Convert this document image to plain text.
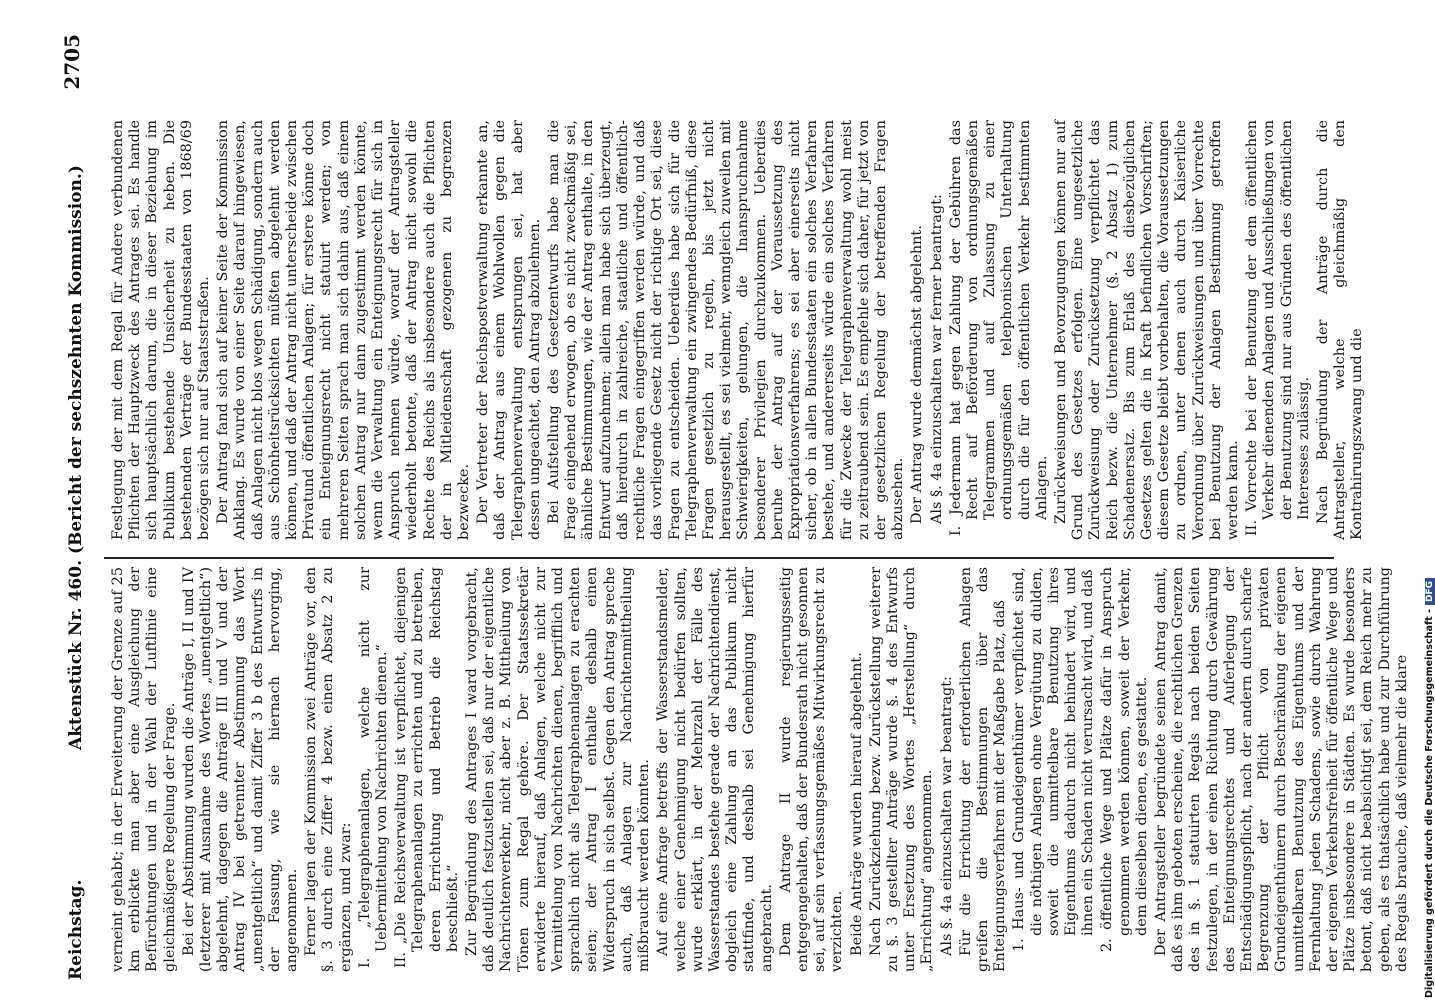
Reichstag.
Aktenstück Nr. 460. (Bericht der sechszehnten Kommission.)
2705

verneint gehabt; in der Erweiterung der Grenze auf 25 km erblickte man aber eine Ausgleichung der Befürchtungen und in der Wahl der Luftlinie eine gleichmäßigere Regelung der Frage. Bei der Abstimmung wurden die Anträge I, II und IV (letzterer mit Ausnahme des Wortes „unentgeltlich“) abgelehnt, dagegen die Anträge III und V und der Antrag IV bei getrennter Abstimmung das Wort „unentgeltlich“ und damit Ziffer 3 b des Entwurfs in der Fassung, wie sie hiernach hervorging, angenommen. Ferner lagen der Kommission zwei Anträge vor, den §. 3 durch eine Ziffer 4 bezw. einen Absatz 2 zu ergänzen, und zwar: I. „Telegraphenanlagen, welche nicht zur Uebermittelung von Nachrichten dienen.“ II. „Die Reichsverwaltung ist verpflichtet, diejenigen Telegraphenanlagen zu errichten und zu betreiben, deren Errichtung und Betrieb die Reichstag beschließt.“ Zur Begründung des Antrages I ward vorgebracht, daß deutlich festzustellen sei, daß nur der eigentliche Nachrichtenverkehr, nicht aber z. B. Mittheilung von Tönen zum Regal gehöre. Der Staatssekretär erwiderte hierauf, daß Anlagen, welche nicht zur Vermittelung von Nachrichten dienen, begrifflich und sprachlich nicht als Telegraphenanlagen zu erachten seien; der Antrag I enthalte deshalb einen Widerspruch in sich selbst. Gegen den Antrag spreche auch, daß Anlagen zur Nachrichtenmittheilung mißbraucht werden könnten. Auf eine Anfrage betreffs der Wasserstandsmelder, welche einer Genehmigung nicht bedürfen sollten, wurde erklärt, in der Mehrzahl der Fälle des Wasserstandes bestehe gerade der Nachrichtendienst, obgleich eine Zahlung an das Publikum nicht stattfinde, und deshalb sei Genehmigung hierfür angebracht. Dem Antrage II wurde regierungsseitig entgegengehalten, daß der Bundesrath nicht gesonnen sei, auf sein verfassungsgemäßes Mitwirkungsrecht zu verzichten. Beide Anträge wurden hierauf abgelehnt. Nach Zurückziehung bezw. Zurückstellung weiterer zu §. 3 gestellter Anträge wurde §. 4 des Entwurfs unter Ersetzung des Wortes „Herstellung“ durch „Errichtung“ angenommen. Als §. 4a einzuschalten war beantragt: Für die Errichtung der erforderlichen Anlagen greifen die Bestimmungen über das Enteignungsverfahren mit der Maßgabe Platz, daß 1. Haus- und Grundeigenthümer verpflichtet sind, die nöthigen Anlagen ohne Vergütung zu dulden, soweit die unmittelbare Benutzung ihres Eigenthums dadurch nicht behindert wird, und ihnen ein Schaden nicht verursacht wird, und daß 2. öffentliche Wege und Plätze dafür in Anspruch genommen werden können, soweit der Verkehr, dem dieselben dienen, es gestattet. Der Antragsteller begründete seinen Antrag damit, daß es ihm geboten erscheine, die rechtlichen Grenzen des in §. 1 statuirten Regals nach beiden Seiten festzulegen, in der einen Richtung durch Gewährung des Enteignungsrechtes und Auferlegung der Entschädigungspflicht, nach der andern durch scharfe Begrenzung der Pflicht von privaten Grundeigenthümern durch Beschränkung der eigenen unmittelbaren Benutzung des Eigenthums und der Fernhaltung jeden Schadens, sowie durch Wahrung der eigenen Verkehrsfreiheit für öffentliche Wege und Plätze insbesondere in Städten. Es wurde besonders betont, daß nicht beabsichtigt sei, dem Reich mehr zu geben, als es thatsächlich habe und zur Durchführung des Regals brauche, daß vielmehr die klare

Festlegung der mit dem Regal für Andere verbundenen Pflichten der Hauptzweck des Antrages sei. Es handle sich hauptsächlich darum, die in dieser Beziehung im Publikum bestehende Unsicherheit zu heben. Die bestehenden Verträge der Bundesstaaten von 1868/69 bezögen sich nur auf Staatsstraßen. Der Antrag fand sich auf keiner Seite der Kommission Anklang. Es wurde von einer Seite darauf hingewiesen, daß Anlagen nicht blos wegen Schädigung, sondern auch aus Schönheitsrücksichten müßten abgelehnt werden können, und daß der Antrag nicht unterscheide zwischen Privatund öffentlichen Anlagen; für erstere könne doch ein Enteignungsrecht nicht statuirt werden; von mehreren Seiten sprach man sich dahin aus, daß einem solchen Antrag nur dann zugestimmt werden könnte, wenn die Verwaltung ein Enteignungsrecht für sich in Anspruch nehmen würde, worauf der Antragsteller wiederholt betonte, daß der Antrag nicht sowohl die Rechte des Reichs als insbesondere auch die Pflichten der in Mitleidenschaft gezogenen zu begrenzen bezwecke. Der Vertreter der Reichspostverwaltung erkannte an, daß der Antrag aus einem Wohlwollen gegen die Telegraphenverwaltung entsprungen sei, hat aber dessen ungeachtet, den Antrag abzulehnen. Bei Aufstellung des Gesetzentwurfs habe man die Frage eingehend erwogen, ob es nicht zweckmäßig sei, ähnliche Bestimmungen, wie der Antrag enthalte, in den Entwurf aufzunehmen; allein man habe sich überzeugt, daß hierdurch in zahlreiche, staatliche und öffentlich-rechtliche Fragen eingegriffen werden würde, und daß das vorliegende Gesetz nicht der richtige Ort sei, diese Fragen zu entscheiden. Ueberdies habe sich für die Telegraphenverwaltung ein zwingendes Bedürfniß, diese Fragen gesetzlich zu regeln, bis jetzt nicht herausgestellt, es sei vielmehr, wenngleich zuweilen mit Schwierigkeiten, gelungen, die Inanspruchnahme besonderer Privilegien durchzukommen. Ueberdies beruhe der Antrag auf der Voraussetzung des Expropriationsverfahrens; es sei aber einerseits nicht sicher, ob in allen Bundesstaaten ein solches Verfahren bestehe, und andererseits würde ein solches Verfahren für die Zwecke der Telegraphenverwaltung wohl meist zu zeitraubend sein. Es empfehle sich daher, für jetzt von der gesetzlichen Regelung der betreffenden Fragen abzusehen. Der Antrag wurde demnächst abgelehnt. Als §. 4a einzuschalten war ferner beantragt: I. Jedermann hat gegen Zahlung der Gebühren das Recht auf Beförderung von ordnungsgemäßen Telegrammen und auf Zulassung zu einer ordnungsgemäßen telephonischen Unterhaltung durch die für den öffentlichen Verkehr bestimmten Anlagen. Zurückweisungen und Bevorzugungen können nur auf Grund des Gesetzes erfolgen. Eine ungesetzliche Zurückweisung oder Zurücksetzung verpflichtet das Reich bezw. die Unternehmer (§. 2 Absatz 1) zum Schadenersatz. Bis zum Erlaß des diesbezüglichen Gesetzes gelten die in Kraft befindlichen Vorschriften; diesem Gesetze bleibt vorbehalten, die Voraussetzungen zu ordnen, unter denen auch durch Kaiserliche Verordnung über Zurückweisungen und über Vorrechte bei Benutzung der Anlagen Bestimmung getroffen werden kann. II. Vorrechte bei der Benutzung der dem öffentlichen Verkehr dienenden Anlagen und Ausschließungen von der Benutzung sind nur aus Gründen des öffentlichen Interesses zulässig. Nach Begründung der Anträge durch die Antragsteller, welche gleichmäßig den Kontrahirungszwang und die

Digitalisierung gefördert durch die Deutsche Forschungsgemeinschaft -DFG
